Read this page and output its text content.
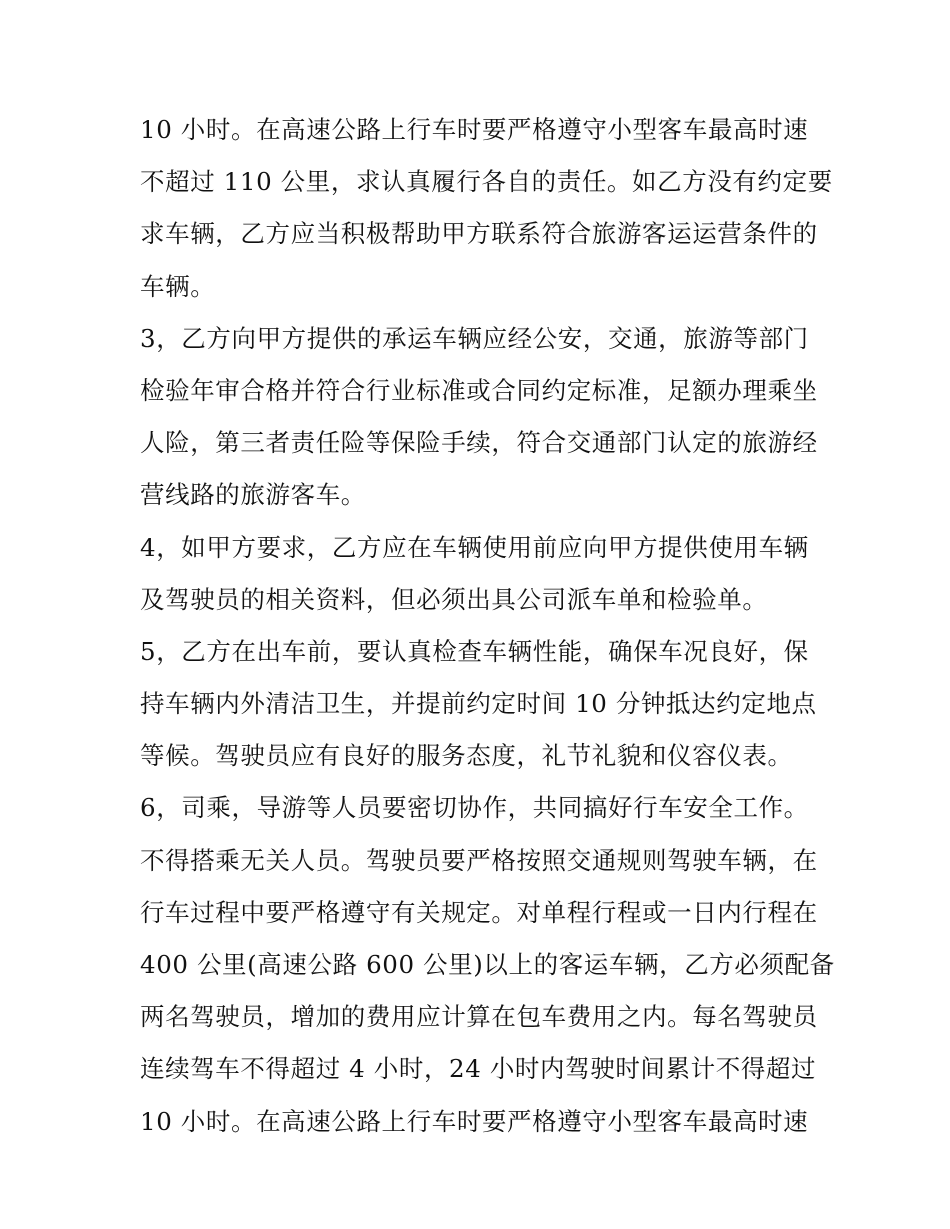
10 小时。在高速公路上行车时要严格遵守小型客车最高时速
不超过 110 公里，求认真履行各自的责任。如乙方没有约定要
求车辆，乙方应当积极帮助甲方联系符合旅游客运运营条件的
车辆。
3，乙方向甲方提供的承运车辆应经公安，交通，旅游等部门
检验年审合格并符合行业标准或合同约定标准，足额办理乘坐
人险，第三者责任险等保险手续，符合交通部门认定的旅游经
营线路的旅游客车。
4，如甲方要求，乙方应在车辆使用前应向甲方提供使用车辆
及驾驶员的相关资料，但必须出具公司派车单和检验单。
5，乙方在出车前，要认真检查车辆性能，确保车况良好，保
持车辆内外清洁卫生，并提前约定时间 10 分钟抵达约定地点
等候。驾驶员应有良好的服务态度，礼节礼貌和仪容仪表。
6，司乘，导游等人员要密切协作，共同搞好行车安全工作。
不得搭乘无关人员。驾驶员要严格按照交通规则驾驶车辆，在
行车过程中要严格遵守有关规定。对单程行程或一日内行程在
400 公里(高速公路 600 公里)以上的客运车辆，乙方必须配备
两名驾驶员，增加的费用应计算在包车费用之内。每名驾驶员
连续驾车不得超过 4 小时，24 小时内驾驶时间累计不得超过
10 小时。在高速公路上行车时要严格遵守小型客车最高时速
